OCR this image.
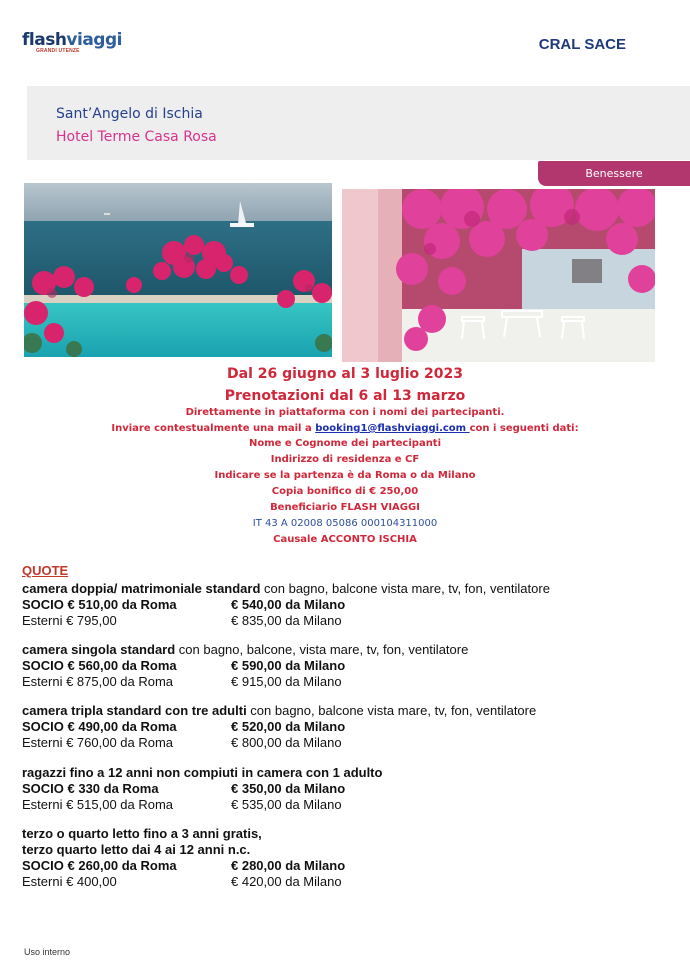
flashviaggi
GRANDI UTENZE	CRAL SACE
Sant’Angelo di Ischia
Hotel Terme Casa Rosa
Benessere
Dal 26 giugno al 3 luglio 2023
Prenotazioni dal 6 al 13 marzo
Direttamente in piattaforma con i nomi dei partecipanti.
Inviare contestualmente una mail a booking1@flashviaggi.com con i seguenti dati:
Nome e Cognome dei partecipanti
Indirizzo di residenza e CF
Indicare se la partenza è da Roma o da Milano
Copia bonifico di € 250,00
Beneficiario FLASH VIAGGI
IT 43 A 02008 05086 000104311000
Causale ACCONTO ISCHIA
QUOTE
camera doppia/ matrimoniale standard con bagno, balcone vista mare, tv, fon, ventilatore
SOCIO € 510,00 da Roma	€ 540,00 da Milano
Esterni € 795,00	€ 835,00 da Milano
camera singola standard con bagno, balcone, vista mare, tv, fon, ventilatore
SOCIO € 560,00 da Roma	€ 590,00 da Milano
Esterni € 875,00 da Roma	€ 915,00 da Milano
camera tripla standard con tre adulti con bagno, balcone vista mare, tv, fon, ventilatore
SOCIO € 490,00 da Roma	€ 520,00 da Milano
Esterni € 760,00 da Roma	€ 800,00 da Milano
ragazzi fino a 12 anni non compiuti in camera con 1 adulto
SOCIO € 330 da Roma	€ 350,00 da Milano
Esterni € 515,00 da Roma	€ 535,00 da Milano
terzo o quarto letto fino a 3 anni gratis,
terzo quarto letto dai 4 ai 12 anni n.c.
SOCIO € 260,00 da Roma	€ 280,00 da Milano
Esterni € 400,00	€ 420,00 da Milano
Uso interno
